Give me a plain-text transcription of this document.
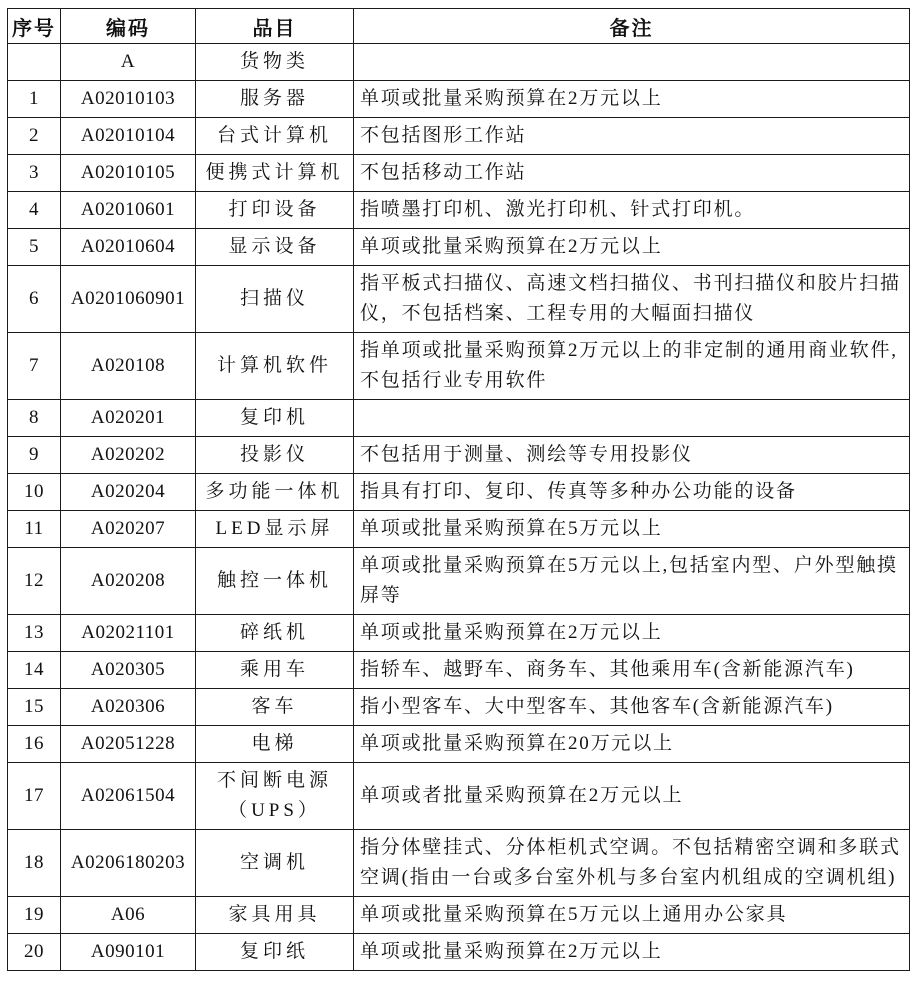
序号	编码	品目	备注
	A	货物类	
1	A02010103	服务器	单项或批量采购预算在2万元以上
2	A02010104	台式计算机	不包括图形工作站
3	A02010105	便携式计算机	不包括移动工作站
4	A02010601	打印设备	指喷墨打印机、激光打印机、针式打印机。
5	A02010604	显示设备	单项或批量采购预算在2万元以上
6	A0201060901	扫描仪	指平板式扫描仪、高速文档扫描仪、书刊扫描仪和胶片扫描仪，不包括档案、工程专用的大幅面扫描仪
7	A020108	计算机软件	指单项或批量采购预算2万元以上的非定制的通用商业软件,不包括行业专用软件
8	A020201	复印机	
9	A020202	投影仪	不包括用于测量、测绘等专用投影仪
10	A020204	多功能一体机	指具有打印、复印、传真等多种办公功能的设备
11	A020207	LED显示屏	单项或批量采购预算在5万元以上
12	A020208	触控一体机	单项或批量采购预算在5万元以上,包括室内型、户外型触摸屏等
13	A02021101	碎纸机	单项或批量采购预算在2万元以上
14	A020305	乘用车	指轿车、越野车、商务车、其他乘用车(含新能源汽车)
15	A020306	客车	指小型客车、大中型客车、其他客车(含新能源汽车)
16	A02051228	电梯	单项或批量采购预算在20万元以上
17	A02061504	不间断电源（UPS）	单项或者批量采购预算在2万元以上
18	A0206180203	空调机	指分体壁挂式、分体柜机式空调。不包括精密空调和多联式空调(指由一台或多台室外机与多台室内机组成的空调机组)
19	A06	家具用具	单项或批量采购预算在5万元以上通用办公家具
20	A090101	复印纸	单项或批量采购预算在2万元以上
